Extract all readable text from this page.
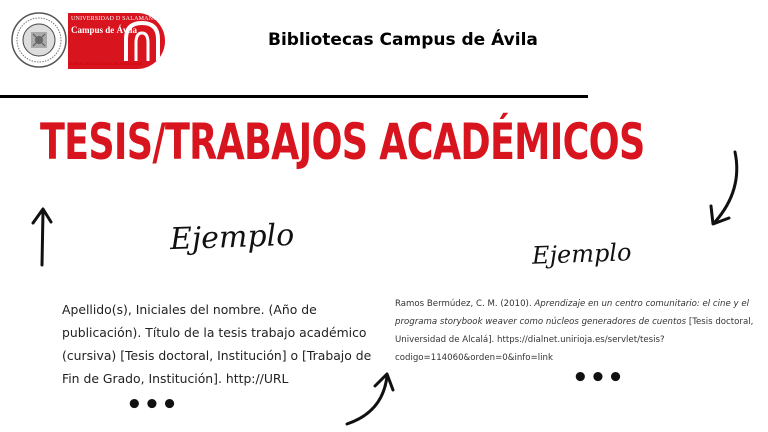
UNIVERSIDAD D SALAMANCA
Campus de Ávila
CAMPUS DE EXCELENCIA INTERNACIONAL
Bibliotecas Campus de Ávila
TESIS/TRABAJOS ACADÉMICOS
Ejemplo	Ejemplo
Apellido(s), Iniciales del nombre. (Año de publicación). Título de la tesis trabajo académico (cursiva) [Tesis doctoral, Institución] o [Trabajo de Fin de Grado, Institución]. http://URL
Ramos Bermúdez, C. M. (2010). Aprendizaje en un centro comunitario: el cine y el programa storybook weaver como núcleos generadores de cuentos [Tesis doctoral, Universidad de Alcalá]. https://dialnet.unirioja.es/servlet/tesis?codigo=114060&orden=0&info=link
•••
•••
